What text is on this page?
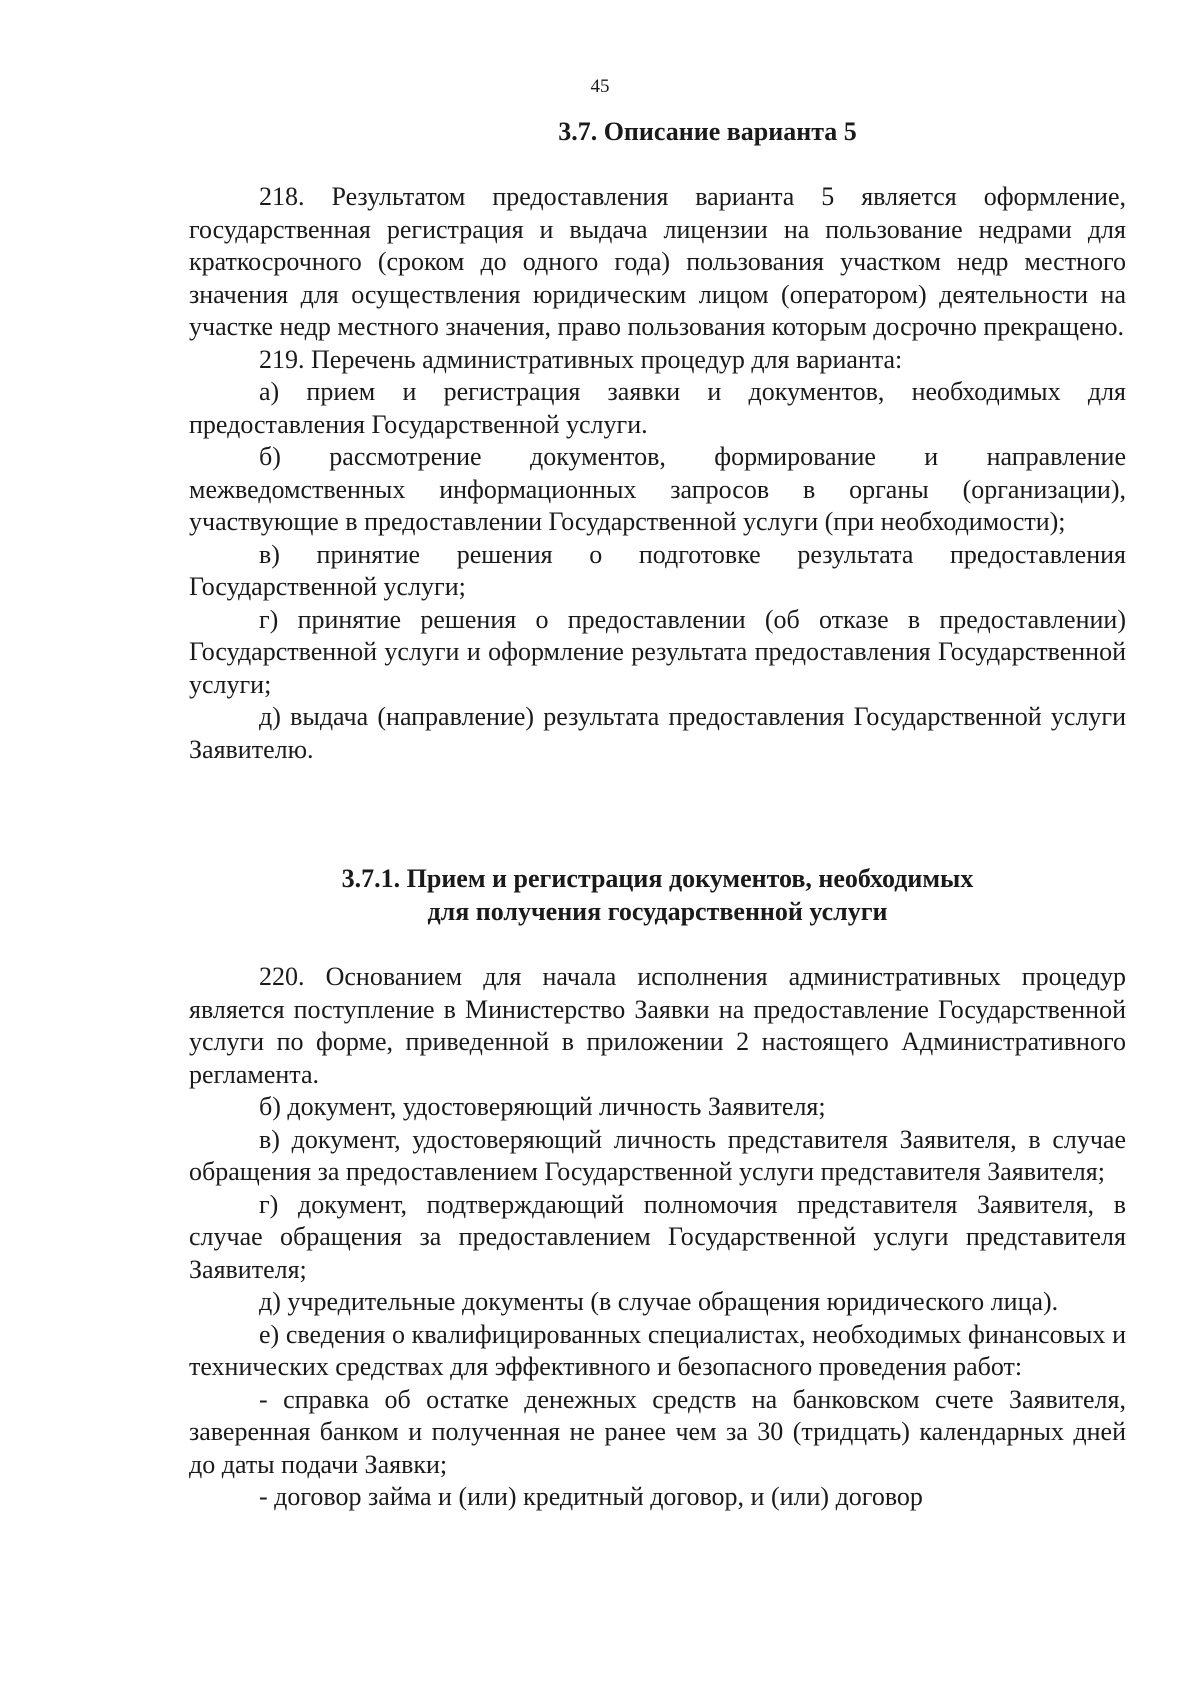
45

3.7. Описание варианта 5

218. Результатом предоставления варианта 5 является оформление, государственная регистрация и выдача лицензии на пользование недрами для краткосрочного (сроком до одного года) пользования участком недр местного значения для осуществления юридическим лицом (оператором) деятельности на участке недр местного значения, право пользования которым досрочно прекращено.

219. Перечень административных процедур для варианта:

а) прием и регистрация заявки и документов, необходимых для предоставления Государственной услуги.

б) рассмотрение документов, формирование и направление межведомственных информационных запросов в органы (организации), участвующие в предоставлении Государственной услуги (при необходимости);

в) принятие решения о подготовке результата предоставления Государственной услуги;

г) принятие решения о предоставлении (об отказе в предоставлении) Государственной услуги и оформление результата предоставления Государственной услуги;

д) выдача (направление) результата предоставления Государственной услуги Заявителю.

3.7.1. Прием и регистрация документов, необходимых

для получения государственной услуги

220. Основанием для начала исполнения административных процедур является поступление в Министерство Заявки на предоставление Государственной услуги по форме, приведенной в приложении 2 настоящего Административного регламента.

б) документ, удостоверяющий личность Заявителя;

в) документ, удостоверяющий личность представителя Заявителя, в случае обращения за предоставлением Государственной услуги представителя Заявителя;

г) документ, подтверждающий полномочия представителя Заявителя, в случае обращения за предоставлением Государственной услуги представителя Заявителя;

д) учредительные документы (в случае обращения юридического лица).

е) сведения о квалифицированных специалистах, необходимых финансовых и технических средствах для эффективного и безопасного проведения работ:

- справка об остатке денежных средств на банковском счете Заявителя, заверенная банком и полученная не ранее чем за 30 (тридцать) календарных дней до даты подачи Заявки;

- договор займа и (или) кредитный договор, и (или) договор
